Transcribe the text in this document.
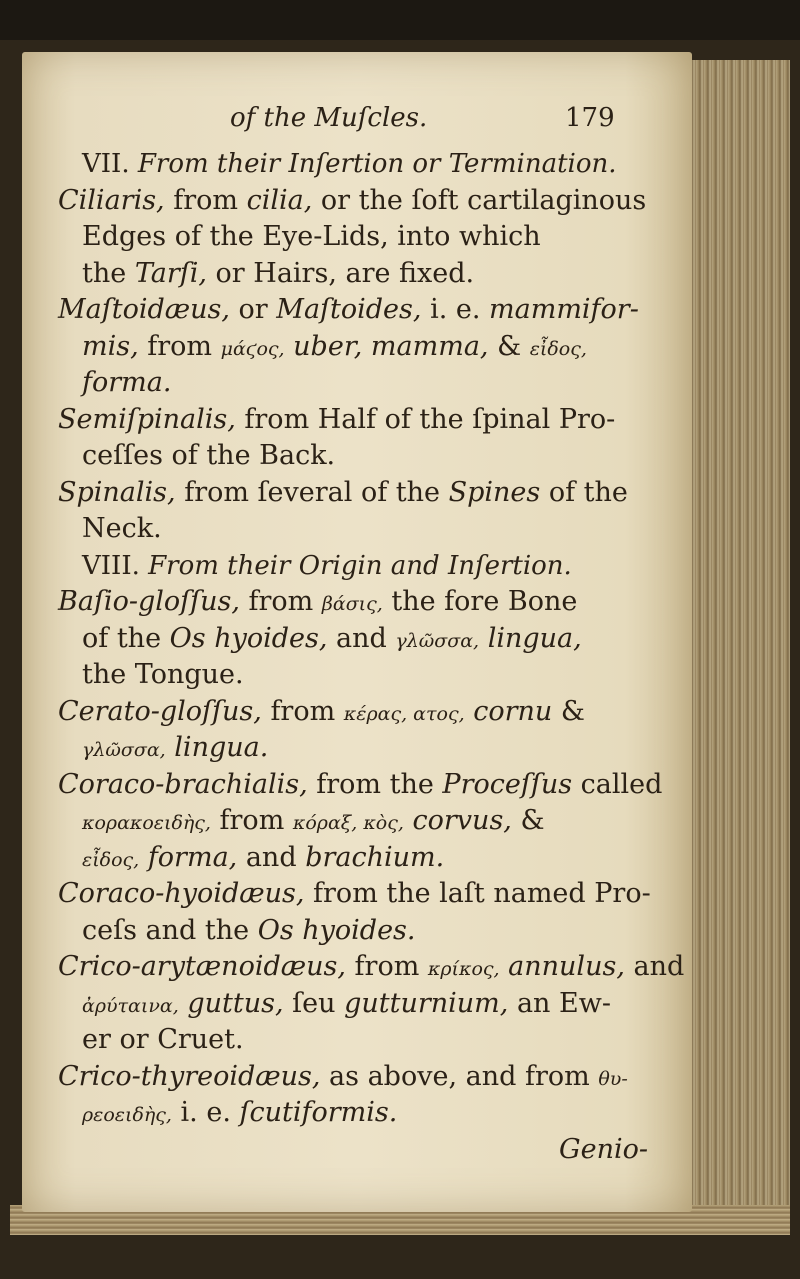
of the Muſcles.	179
VII. From their Inſertion or Termination.
Ciliaris, from cilia, or the ſoft cartilaginous
Edges of the Eye-Lids, into which
the Tarſi, or Hairs, are fixed.
Maſtoidæus, or Maſtoides, i. e. mammifor-
mis, from μάϛος, uber, mamma, & εἶδος,
forma.
Semiſpinalis, from Half of the ſpinal Pro-
ceſſes of the Back.
Spinalis, from ſeveral of the Spines of the
Neck.
VIII. From their Origin and Inſertion.
Baſio-gloſſus, from βάσις, the fore Bone
of the Os hyoides, and γλῶσσα, lingua,
the Tongue.
Cerato-gloſſus, from κέρας, ατος, cornu &
γλῶσσα, lingua.
Coraco-brachialis, from the Proceſſus called
κορακοειδὴς, from κόραξ, κὸς, corvus, &
εἶδος, forma, and brachium.
Coraco-hyoidæus, from the laſt named Pro-
ceſs and the Os hyoides.
Crico-arytænoidæus, from κρίκος, annulus, and
ἀρύταινα, guttus, ſeu gutturnium, an Ew-
er or Cruet.
Crico-thyreoidæus, as above, and from θυ-
ρεοειδὴς, i. e. ſcutiformis.
Genio-
